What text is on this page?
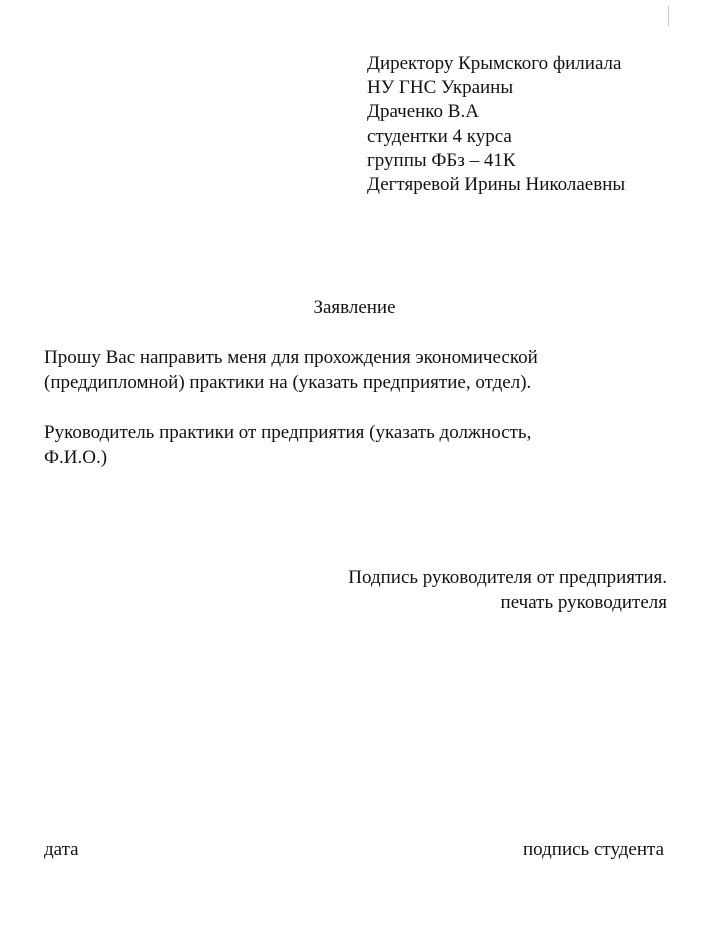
Директору Крымского филиала
НУ ГНС Украины
Драченко В.А
студентки 4 курса
группы ФБз – 41К
Дегтяревой Ирины Николаевны
Заявление
Прошу Вас направить меня для прохождения экономической
(преддипломной) практики на (указать предприятие, отдел).
Руководитель практики от предприятия (указать должность,
Ф.И.О.)
Подпись руководителя от предприятия.
печать руководителя
дата	подпись студента
